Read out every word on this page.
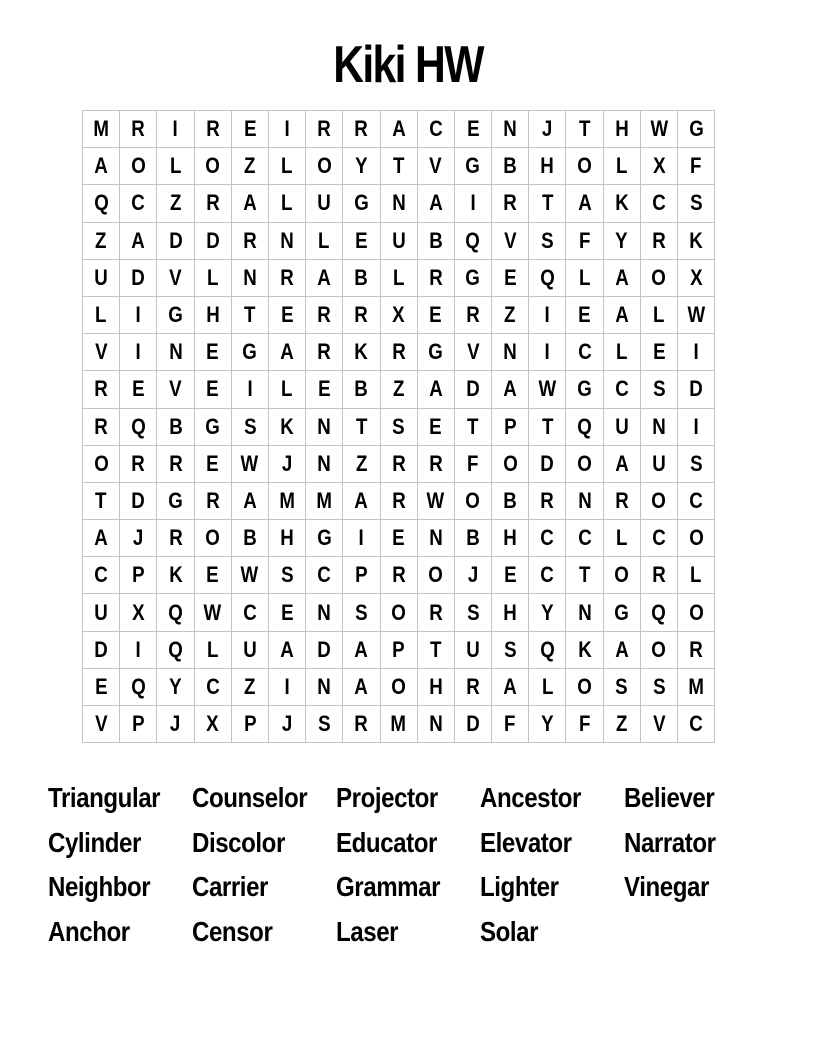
Kiki HW
M	R	I	R	E	I	R	R	A	C	E	N	J	T	H	W	G
A	O	L	O	Z	L	O	Y	T	V	G	B	H	O	L	X	F
Q	C	Z	R	A	L	U	G	N	A	I	R	T	A	K	C	S
Z	A	D	D	R	N	L	E	U	B	Q	V	S	F	Y	R	K
U	D	V	L	N	R	A	B	L	R	G	E	Q	L	A	O	X
L	I	G	H	T	E	R	R	X	E	R	Z	I	E	A	L	W
V	I	N	E	G	A	R	K	R	G	V	N	I	C	L	E	I
R	E	V	E	I	L	E	B	Z	A	D	A	W	G	C	S	D
R	Q	B	G	S	K	N	T	S	E	T	P	T	Q	U	N	I
O	R	R	E	W	J	N	Z	R	R	F	O	D	O	A	U	S
T	D	G	R	A	M	M	A	R	W	O	B	R	N	R	O	C
A	J	R	O	B	H	G	I	E	N	B	H	C	C	L	C	O
C	P	K	E	W	S	C	P	R	O	J	E	C	T	O	R	L
U	X	Q	W	C	E	N	S	O	R	S	H	Y	N	G	Q	O
D	I	Q	L	U	A	D	A	P	T	U	S	Q	K	A	O	R
E	Q	Y	C	Z	I	N	A	O	H	R	A	L	O	S	S	M
V	P	J	X	P	J	S	R	M	N	D	F	Y	F	Z	V	C
Triangular	Counselor	Projector	Ancestor	Believer
Cylinder	Discolor	Educator	Elevator	Narrator
Neighbor	Carrier	Grammar	Lighter	Vinegar
Anchor	Censor	Laser	Solar
